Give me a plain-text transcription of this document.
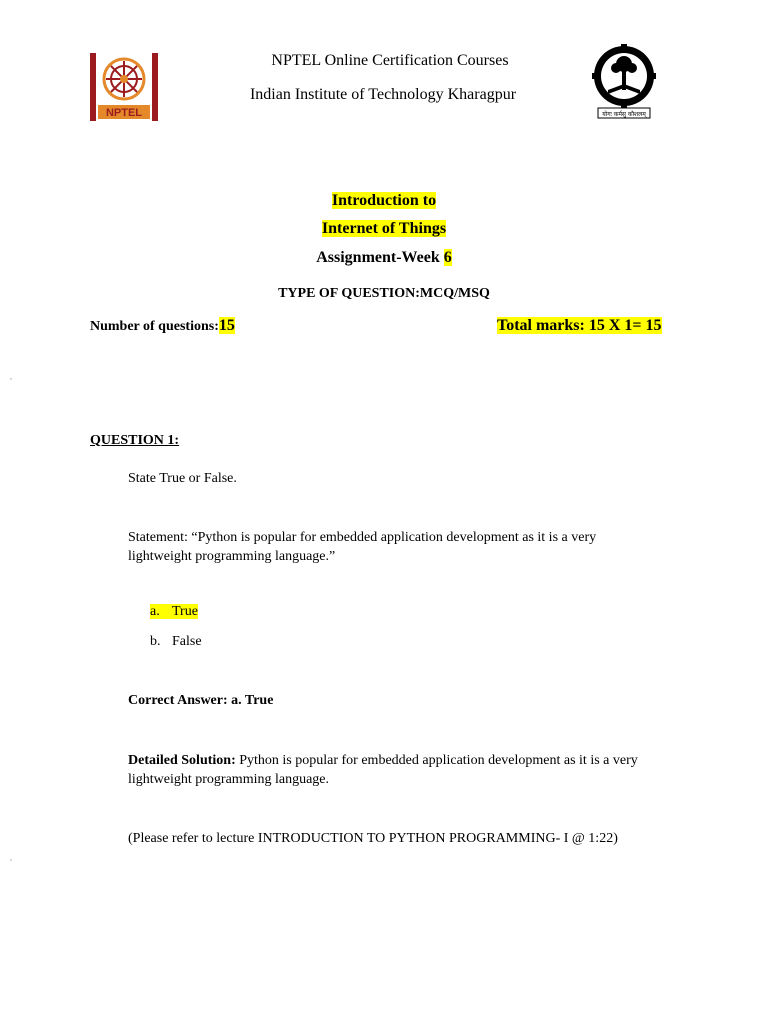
NPTEL
NPTEL Online Certification Courses
Indian Institute of Technology Kharagpur
योगः कर्मसु कौशलम्
Introduction to
Internet of Things
Assignment-Week 6
TYPE OF QUESTION:MCQ/MSQ
Number of questions:15	Total marks: 15 X 1= 15
,
QUESTION 1:
State True or False.
Statement: “Python is popular for embedded application development as it is a very
lightweight programming language.”
a. True
b. False
Correct Answer: a. True
Detailed Solution: Python is popular for embedded application development as it is a very
lightweight programming language.
(Please refer to lecture INTRODUCTION TO PYTHON PROGRAMMING- I @ 1:22)
,
